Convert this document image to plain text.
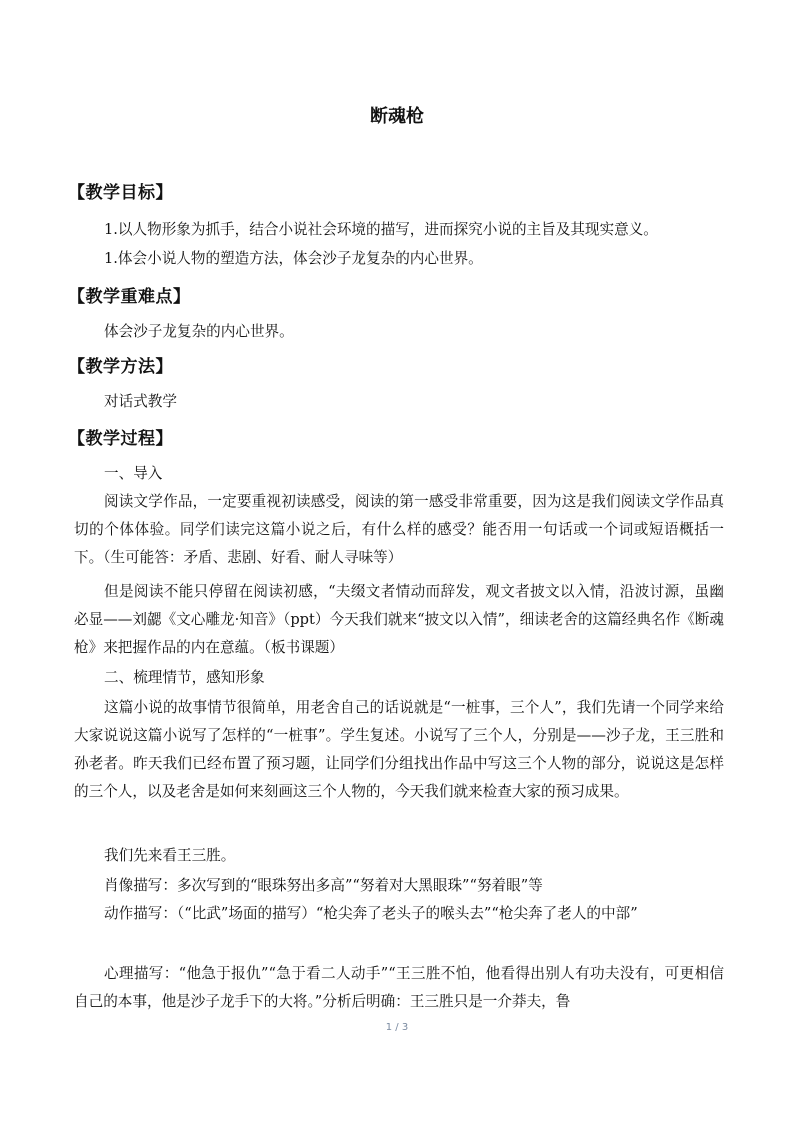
断魂枪
【教学目标】
1.以人物形象为抓手，结合小说社会环境的描写，进而探究小说的主旨及其现实意义。
1.体会小说人物的塑造方法，体会沙子龙复杂的内心世界。
【教学重难点】
体会沙子龙复杂的内心世界。
【教学方法】
对话式教学
【教学过程】
一、导入

阅读文学作品，一定要重视初读感受，阅读的第一感受非常重要，因为这是我们阅读文学作品真切的个体体验。同学们读完这篇小说之后，有什么样的感受？能否用一句话或一个词或短语概括一下。（生可能答：矛盾、悲剧、好看、耐人寻味等）

但是阅读不能只停留在阅读初感，“夫缀文者情动而辞发，观文者披文以入情，沿波讨源，虽幽必显——刘勰《文心雕龙·知音》（ppt）今天我们就来“披文以入情”，细读老舍的这篇经典名作《断魂枪》来把握作品的内在意蕴。（板书课题）

二、梳理情节，感知形象

这篇小说的故事情节很简单，用老舍自己的话说就是“一桩事，三个人”，我们先请一个同学来给大家说说这篇小说写了怎样的“一桩事”。学生复述。小说写了三个人，分别是——沙子龙，王三胜和孙老者。昨天我们已经布置了预习题，让同学们分组找出作品中写这三个人物的部分，说说这是怎样的三个人，以及老舍是如何来刻画这三个人物的，今天我们就来检查大家的预习成果。

我们先来看王三胜。
肖像描写：多次写到的“眼珠努出多高”“努着对大黑眼珠”“努着眼”等

动作描写：（“比武”场面的描写）“枪尖奔了老头子的喉头去”“枪尖奔了老人的中部”

心理描写：“他急于报仇”“急于看二人动手”“王三胜不怕，他看得出别人有功夫没有，可更相信自己的本事，他是沙子龙手下的大将。”分析后明确：王三胜只是一介莽夫，鲁

1 / 3
